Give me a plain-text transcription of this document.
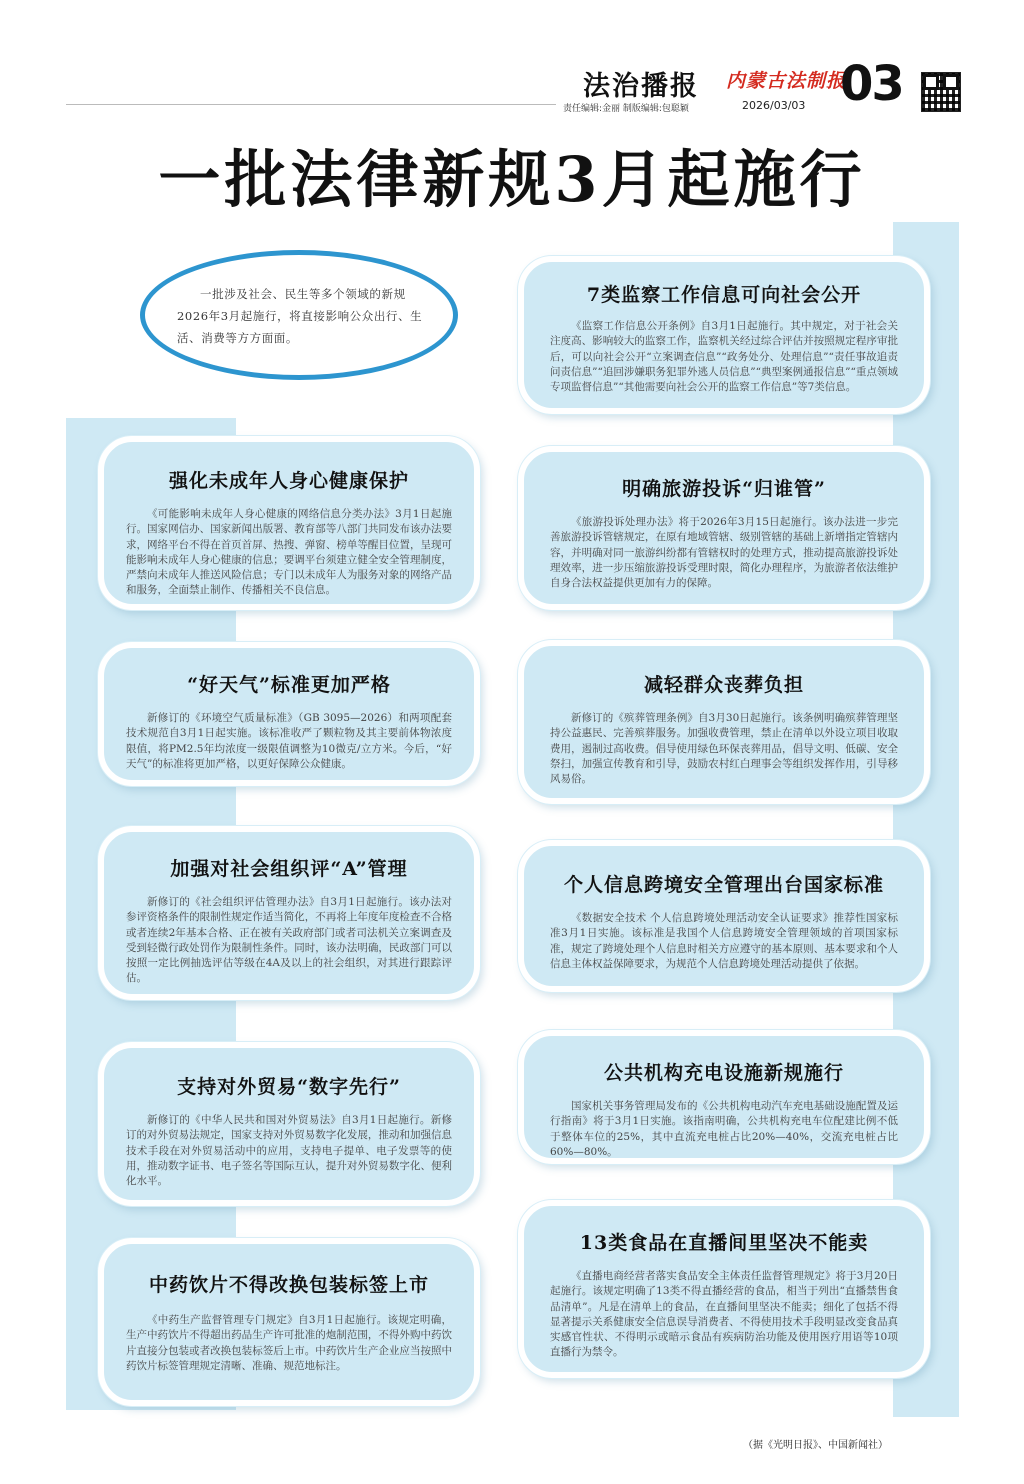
法治播报
责任编辑:金丽 制版编辑:包聪颖
内蒙古法制报
2026/03/03 03
一批法律新规3月起施行
一批涉及社会、民生等多个领域的新规2026年3月起施行，将直接影响公众出行、生活、消费等方方面面。
强化未成年人身心健康保护

《可能影响未成年人身心健康的网络信息分类办法》3月1日起施行。国家网信办、国家新闻出版署、教育部等八部门共同发布该办法要求，网络平台不得在首页首屏、热搜、弹窗、榜单等醒目位置，呈现可能影响未成年人身心健康的信息；要调平台须建立健全安全管理制度，严禁向未成年人推送风险信息；专门以未成年人为服务对象的网络产品和服务，全面禁止制作、传播相关不良信息。

“好天气”标准更加严格

新修订的《环境空气质量标准》（GB 3095—2026）和两项配套技术规范自3月1日起实施。该标准收严了颗粒物及其主要前体物浓度限值，将PM2.5年均浓度一级限值调整为10微克/立方米。今后，“好天气”的标准将更加严格，以更好保障公众健康。

加强对社会组织评“A”管理

新修订的《社会组织评估管理办法》自3月1日起施行。该办法对参评资格条件的限制性规定作适当简化，不再将上年度年度检查不合格或者连续2年基本合格、正在被有关政府部门或者司法机关立案调查及受到轻微行政处罚作为限制性条件。同时，该办法明确，民政部门可以按照一定比例抽选评估等级在4A及以上的社会组织，对其进行跟踪评估。

支持对外贸易“数字先行”

新修订的《中华人民共和国对外贸易法》自3月1日起施行。新修订的对外贸易法规定，国家支持对外贸易数字化发展，推动和加强信息技术手段在对外贸易活动中的应用，支持电子提单、电子发票等的使用，推动数字证书、电子签名等国际互认，提升对外贸易数字化、便利化水平。

中药饮片不得改换包装标签上市

《中药生产监督管理专门规定》自3月1日起施行。该规定明确，生产中药饮片不得超出药品生产许可批准的炮制范围，不得外购中药饮片直接分包装或者改换包装标签后上市。中药饮片生产企业应当按照中药饮片标签管理规定清晰、准确、规范地标注。

7类监察工作信息可向社会公开

《监察工作信息公开条例》自3月1日起施行。其中规定，对于社会关注度高、影响较大的监察工作，监察机关经过综合评估并按照规定程序审批后，可以向社会公开“立案调查信息”“政务处分、处理信息”“责任事故追责问责信息”“追回涉嫌职务犯罪外逃人员信息”“典型案例通报信息”“重点领域专项监督信息”“其他需要向社会公开的监察工作信息”等7类信息。

明确旅游投诉“归谁管”

《旅游投诉处理办法》将于2026年3月15日起施行。该办法进一步完善旅游投诉管辖规定，在原有地域管辖、级别管辖的基础上新增指定管辖内容，并明确对同一旅游纠纷都有管辖权时的处理方式，推动提高旅游投诉处理效率，进一步压缩旅游投诉受理时限，简化办理程序，为旅游者依法维护自身合法权益提供更加有力的保障。

减轻群众丧葬负担

新修订的《殡葬管理条例》自3月30日起施行。该条例明确殡葬管理坚持公益惠民、完善殡葬服务。加强收费管理，禁止在清单以外设立项目收取费用，遏制过高收费。倡导使用绿色环保丧葬用品，倡导文明、低碳、安全祭扫，加强宣传教育和引导，鼓励农村红白理事会等组织发挥作用，引导移风易俗。

个人信息跨境安全管理出台国家标准

《数据安全技术 个人信息跨境处理活动安全认证要求》推荐性国家标准3月1日实施。该标准是我国个人信息跨境安全管理领域的首项国家标准，规定了跨境处理个人信息时相关方应遵守的基本原则、基本要求和个人信息主体权益保障要求，为规范个人信息跨境处理活动提供了依据。

公共机构充电设施新规施行

国家机关事务管理局发布的《公共机构电动汽车充电基础设施配置及运行指南》将于3月1日实施。该指南明确，公共机构充电车位配建比例不低于整体车位的25%，其中直流充电桩占比20%—40%，交流充电桩占比60%—80%。

13类食品在直播间里坚决不能卖

《直播电商经营者落实食品安全主体责任监督管理规定》将于3月20日起施行。该规定明确了13类不得直播经营的食品，相当于列出“直播禁售食品清单”。凡是在清单上的食品，在直播间里坚决不能卖；细化了包括不得显著提示关系健康安全信息误导消费者、不得使用技术手段明显改变食品真实感官性状、不得明示或暗示食品有疾病防治功能及使用医疗用语等10项直播行为禁令。

（据《光明日报》、中国新闻社）
